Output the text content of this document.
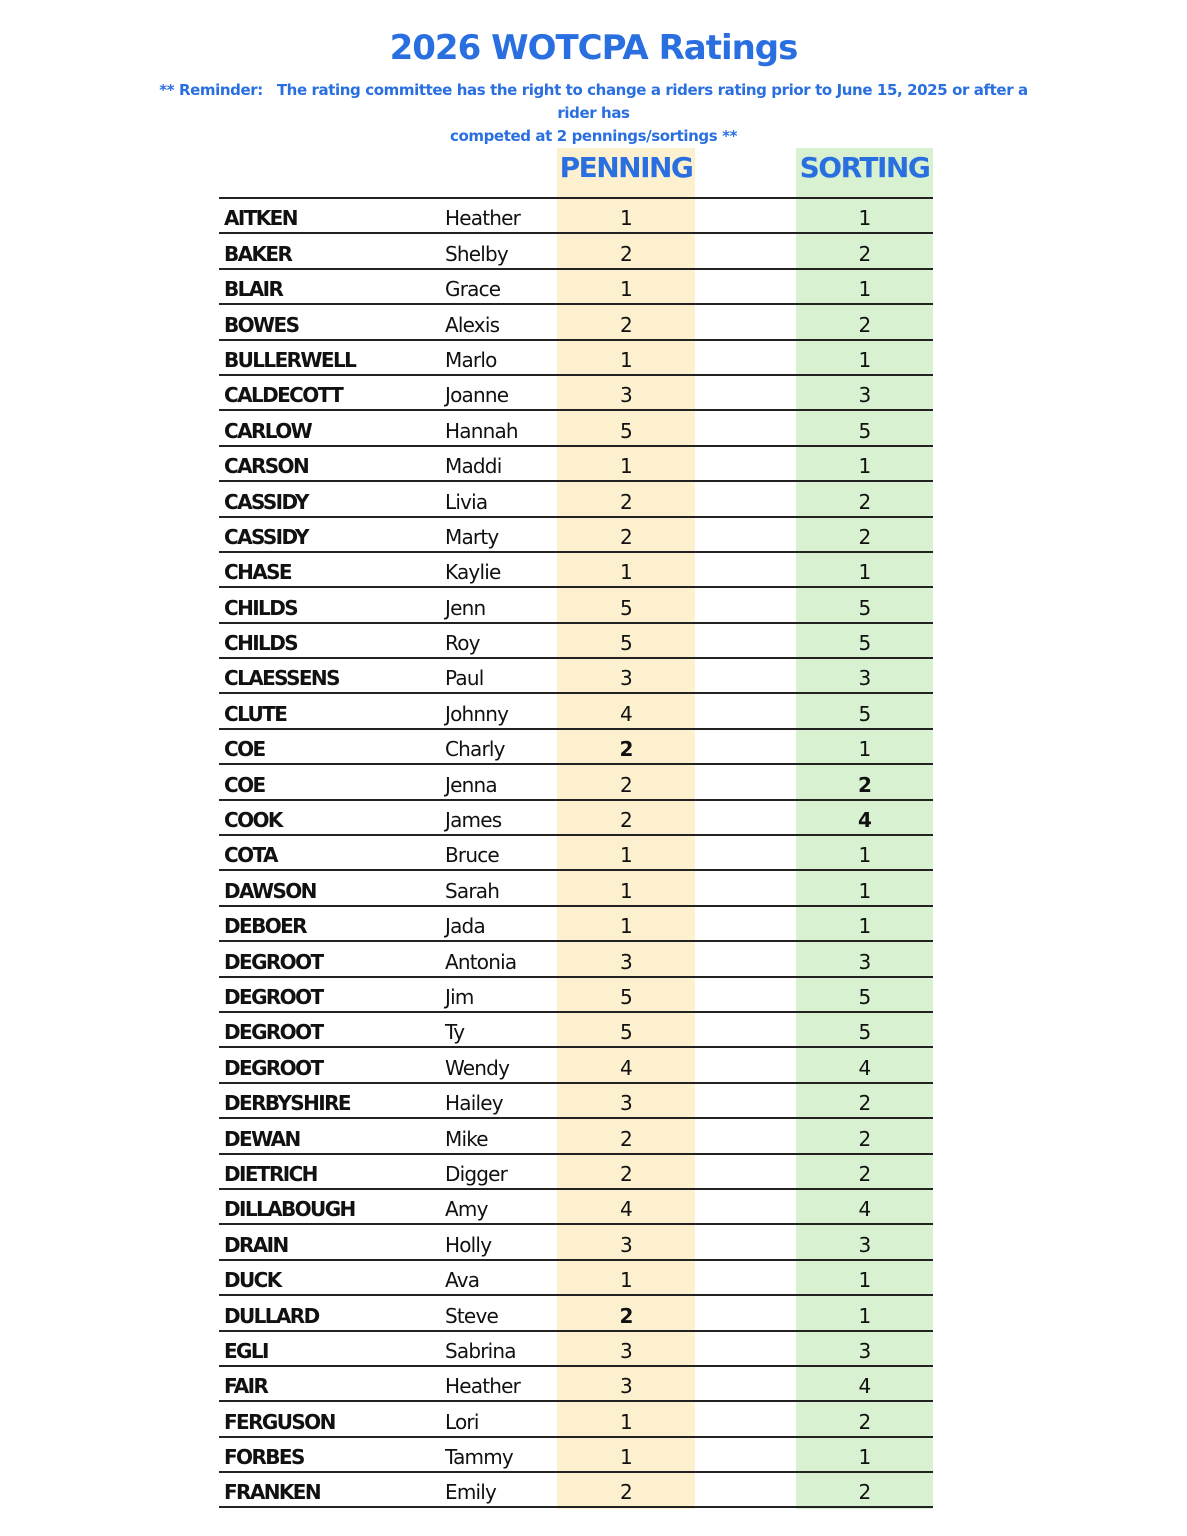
2026 WOTCPA Ratings
** Reminder: The rating committee has the right to change a riders rating prior to June 15, 2025 or after a rider has
competed at 2 pennings/sortings **
PENNING	SORTING
AITKEN	Heather	1	1
BAKER	Shelby	2	2
BLAIR	Grace	1	1
BOWES	Alexis	2	2
BULLERWELL	Marlo	1	1
CALDECOTT	Joanne	3	3
CARLOW	Hannah	5	5
CARSON	Maddi	1	1
CASSIDY	Livia	2	2
CASSIDY	Marty	2	2
CHASE	Kaylie	1	1
CHILDS	Jenn	5	5
CHILDS	Roy	5	5
CLAESSENS	Paul	3	3
CLUTE	Johnny	4	5
COE	Charly	2	1
COE	Jenna	2	2
COOK	James	2	4
COTA	Bruce	1	1
DAWSON	Sarah	1	1
DEBOER	Jada	1	1
DEGROOT	Antonia	3	3
DEGROOT	Jim	5	5
DEGROOT	Ty	5	5
DEGROOT	Wendy	4	4
DERBYSHIRE	Hailey	3	2
DEWAN	Mike	2	2
DIETRICH	Digger	2	2
DILLABOUGH	Amy	4	4
DRAIN	Holly	3	3
DUCK	Ava	1	1
DULLARD	Steve	2	1
EGLI	Sabrina	3	3
FAIR	Heather	3	4
FERGUSON	Lori	1	2
FORBES	Tammy	1	1
FRANKEN	Emily	2	2
